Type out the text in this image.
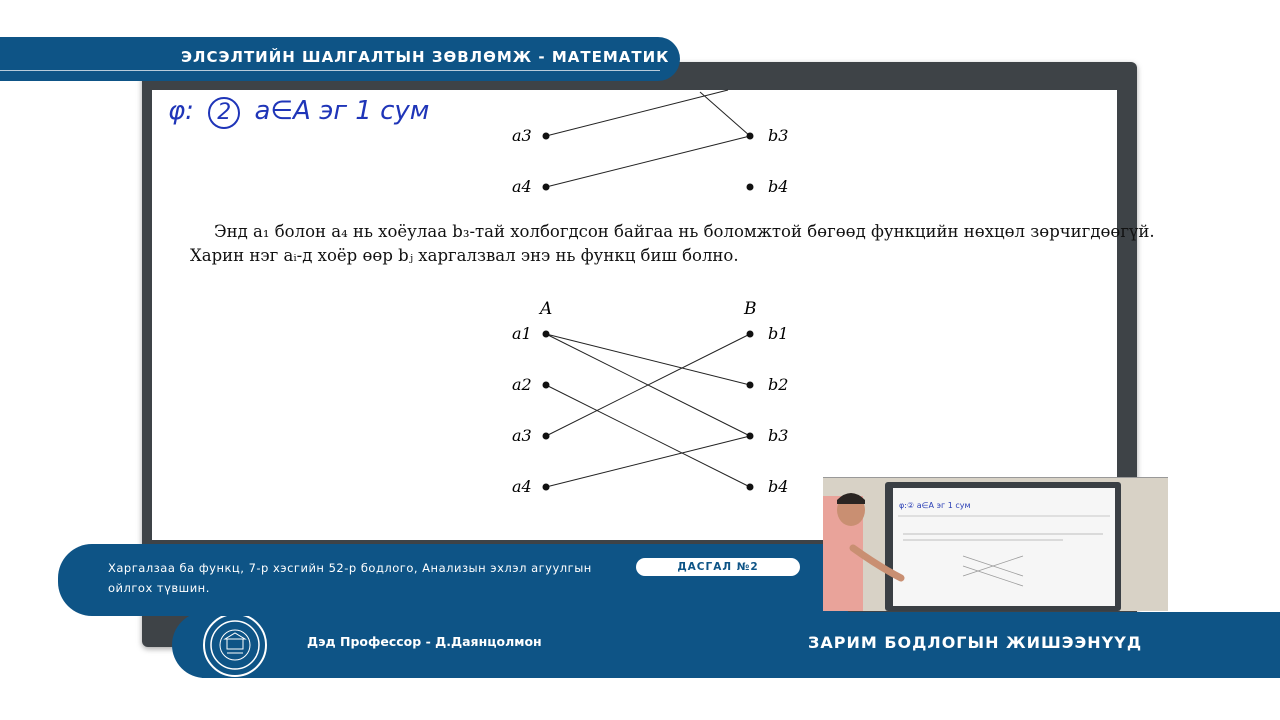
φ: 2 a∈A эг 1 сум
a3
a4
b3
b4
A	B
a1
a2
a3
a4
b1
b2
b3
b4
Энд a₁ болон a₄ нь хоёулаа b₃-тай холбогдсон байгаа нь боломжтой бөгөөд функцийн нөхцөл зөрчигдөөгүй.
Харин нэг aᵢ-д хоёр өөр bⱼ харгалзвал энэ нь функц биш болно.
ЭЛСЭЛТИЙН ШАЛГАЛТЫН ЗӨВЛӨМЖ - МАТЕМАТИК
Дэд Профессор - Д.Даянцолмон	ЗАРИМ БОДЛОГЫН ЖИШЭЭНҮҮД
Харгалзаа ба функц, 7-р хэсгийн 52-р бодлого, Анализын эхлэл агуулгын ойлгох түвшин.
ДАСГАЛ №2
φ:② a∈A эг 1 сум
